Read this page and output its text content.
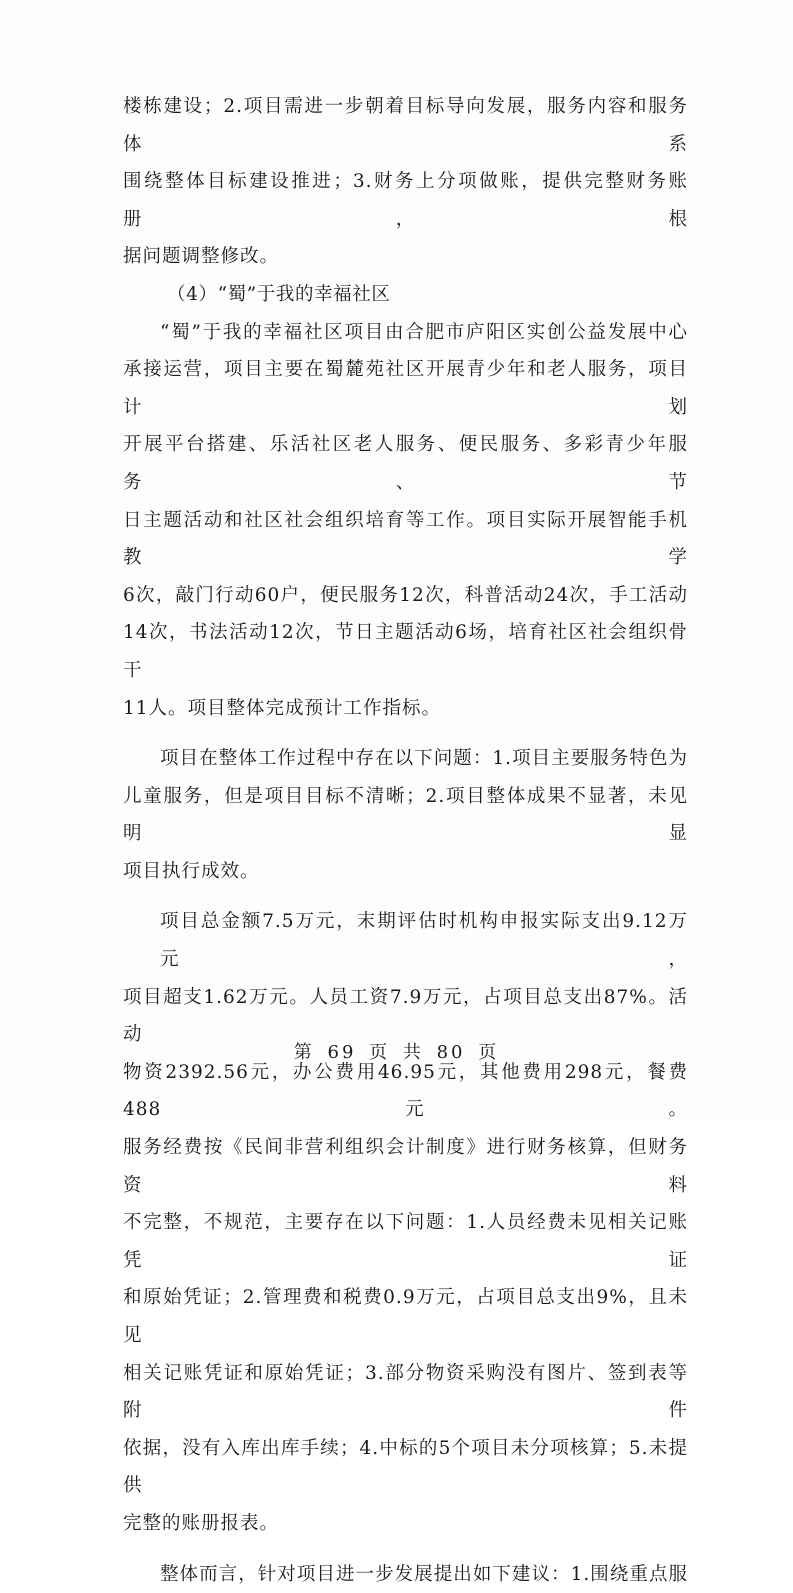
楼栋建设；2.项目需进一步朝着目标导向发展，服务内容和服务体系
围绕整体目标建设推进；3.财务上分项做账，提供完整财务账册，根
据问题调整修改。
（4）“蜀”于我的幸福社区
“蜀”于我的幸福社区项目由合肥市庐阳区实创公益发展中心
承接运营，项目主要在蜀麓苑社区开展青少年和老人服务，项目计划
开展平台搭建、乐活社区老人服务、便民服务、多彩青少年服务、节
日主题活动和社区社会组织培育等工作。项目实际开展智能手机教学
6次，敲门行动60户，便民服务12次，科普活动24次，手工活动
14次，书法活动12次，节日主题活动6场，培育社区社会组织骨干
11人。项目整体完成预计工作指标。
项目在整体工作过程中存在以下问题：1.项目主要服务特色为
儿童服务，但是项目目标不清晰；2.项目整体成果不显著，未见明显
项目执行成效。
项目总金额7.5万元，末期评估时机构申报实际支出9.12万元，
项目超支1.62万元。人员工资7.9万元，占项目总支出87%。活动
物资2392.56元，办公费用46.95元，其他费用298元，餐费488元。
服务经费按《民间非营利组织会计制度》进行财务核算，但财务资料
不完整，不规范，主要存在以下问题：1.人员经费未见相关记账凭证
和原始凭证；2.管理费和税费0.9万元，占项目总支出9%，且未见
相关记账凭证和原始凭证；3.部分物资采购没有图片、签到表等附件
依据，没有入库出库手续；4.中标的5个项目未分项核算；5.未提供
完整的账册报表。
整体而言，针对项目进一步发展提出如下建议：1.围绕重点服
第 69 页 共 80 页
